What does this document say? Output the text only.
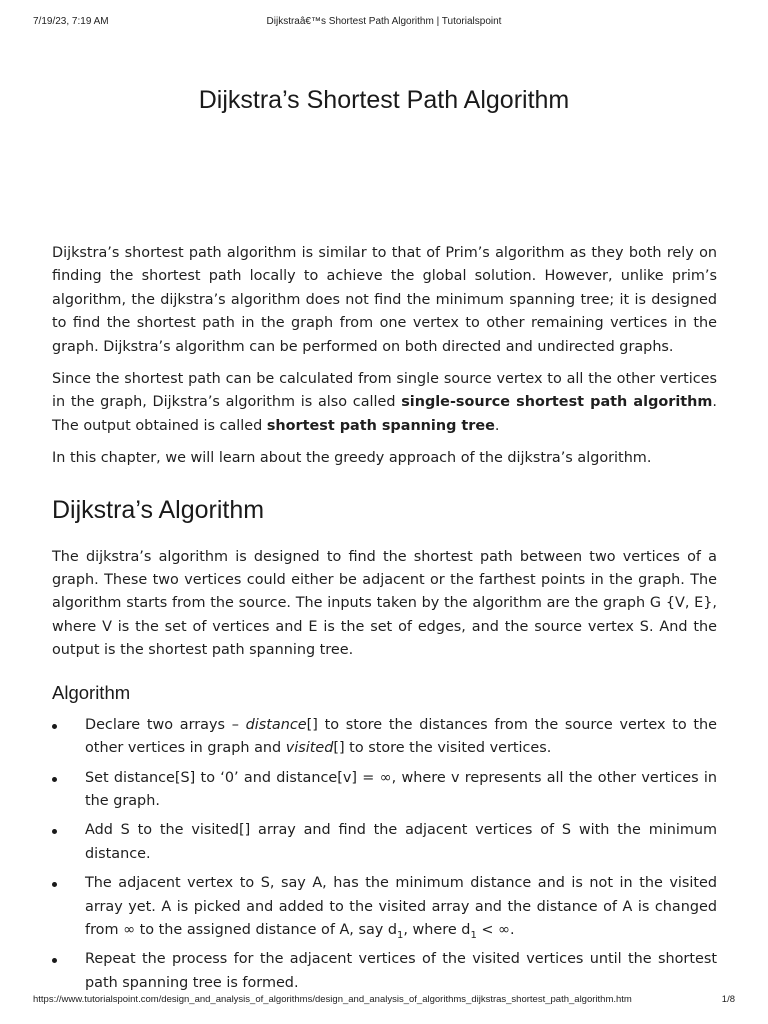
7/19/23, 7:19 AM	Dijkstraâ€™s Shortest Path Algorithm | Tutorialspoint
Dijkstra’s Shortest Path Algorithm

Dijkstra’s shortest path algorithm is similar to that of Prim’s algorithm as they both rely on finding the shortest path locally to achieve the global solution. However, unlike prim’s algorithm, the dijkstra’s algorithm does not find the minimum spanning tree; it is designed to find the shortest path in the graph from one vertex to other remaining vertices in the graph. Dijkstra’s algorithm can be performed on both directed and undirected graphs.

Since the shortest path can be calculated from single source vertex to all the other vertices in the graph, Dijkstra’s algorithm is also called single-source shortest path algorithm. The output obtained is called shortest path spanning tree.

In this chapter, we will learn about the greedy approach of the dijkstra’s algorithm.

Dijkstra’s Algorithm

The dijkstra’s algorithm is designed to find the shortest path between two vertices of a graph. These two vertices could either be adjacent or the farthest points in the graph. The algorithm starts from the source. The inputs taken by the algorithm are the graph G {V, E}, where V is the set of vertices and E is the set of edges, and the source vertex S. And the output is the shortest path spanning tree.

Algorithm
Declare two arrays – distance[] to store the distances from the source vertex to the other vertices in graph and visited[] to store the visited vertices.
Set distance[S] to ‘0’ and distance[v] = ∞, where v represents all the other vertices in the graph.
Add S to the visited[] array and find the adjacent vertices of S with the minimum distance.
The adjacent vertex to S, say A, has the minimum distance and is not in the visited array yet. A is picked and added to the visited array and the distance of A is changed from ∞ to the assigned distance of A, say $d_1$, where $d_1$ < ∞.
Repeat the process for the adjacent vertices of the visited vertices until the shortest path spanning tree is formed.
https://www.tutorialspoint.com/design_and_analysis_of_algorithms/design_and_analysis_of_algorithms_dijkstras_shortest_path_algorithm.htm	1/8
